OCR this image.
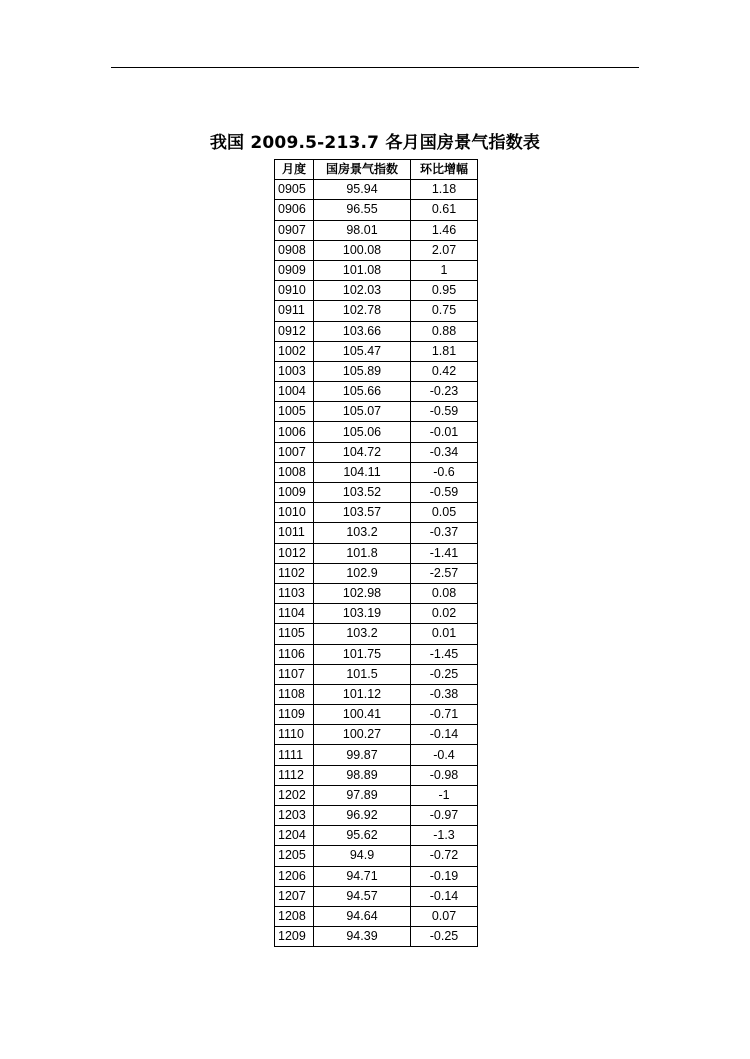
我国 2009.5-213.7 各月国房景气指数表
月度	国房景气指数	环比增幅
0905	95.94	1.18
0906	96.55	0.61
0907	98.01	1.46
0908	100.08	2.07
0909	101.08	1
0910	102.03	0.95
0911	102.78	0.75
0912	103.66	0.88
1002	105.47	1.81
1003	105.89	0.42
1004	105.66	-0.23
1005	105.07	-0.59
1006	105.06	-0.01
1007	104.72	-0.34
1008	104.11	-0.6
1009	103.52	-0.59
1010	103.57	0.05
1011	103.2	-0.37
1012	101.8	-1.41
1102	102.9	-2.57
1103	102.98	0.08
1104	103.19	0.02
1105	103.2	0.01
1106	101.75	-1.45
1107	101.5	-0.25
1108	101.12	-0.38
1109	100.41	-0.71
1110	100.27	-0.14
1111	99.87	-0.4
1112	98.89	-0.98
1202	97.89	-1
1203	96.92	-0.97
1204	95.62	-1.3
1205	94.9	-0.72
1206	94.71	-0.19
1207	94.57	-0.14
1208	94.64	0.07
1209	94.39	-0.25
